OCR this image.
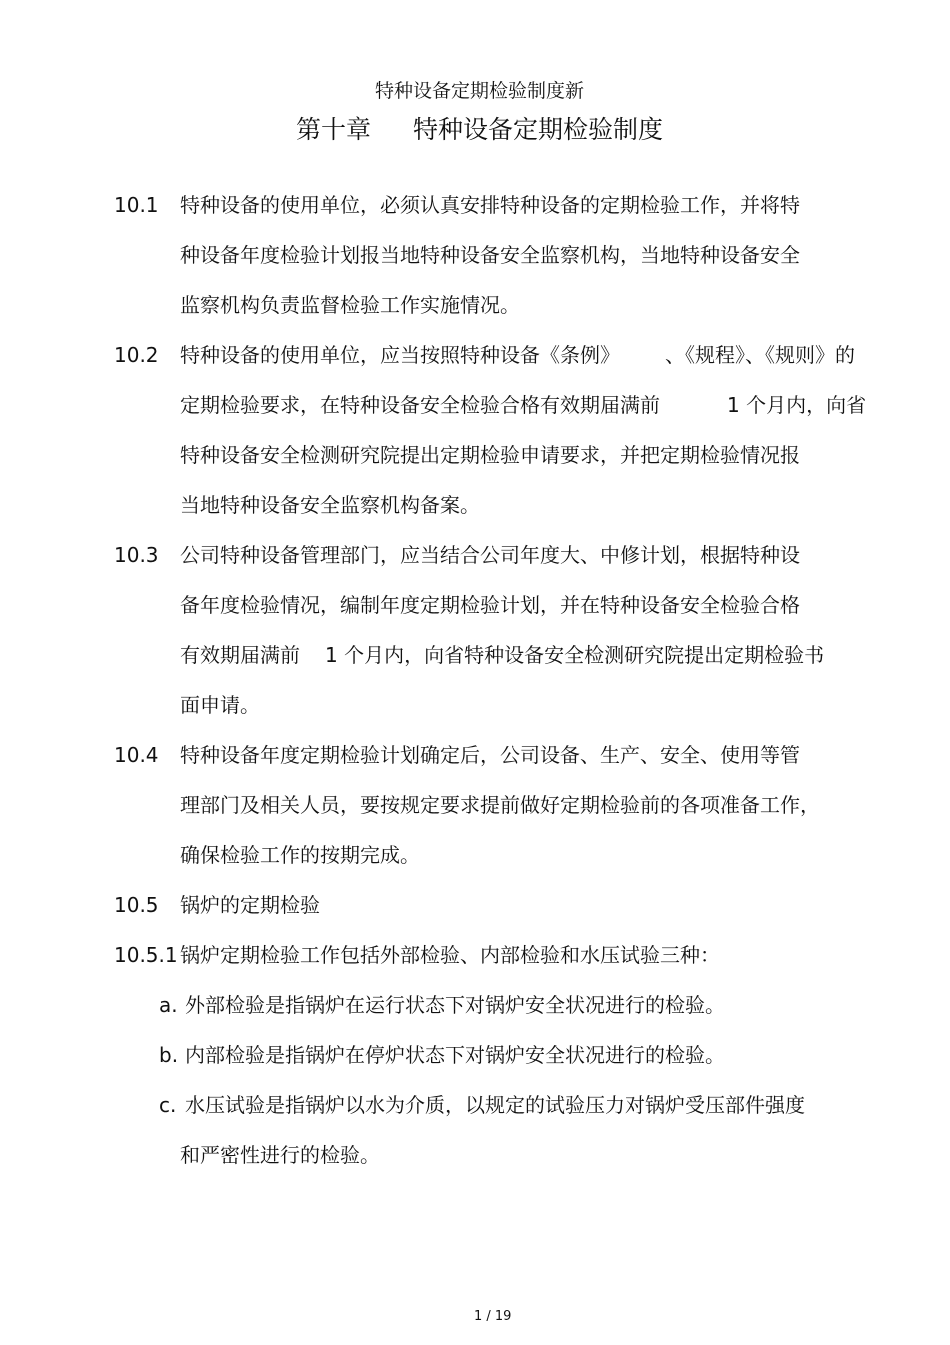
特种设备定期检验制度新
第十章 特种设备定期检验制度
10.1 特种设备的使用单位，必须认真安排特种设备的定期检验工作，并将特
种设备年度检验计划报当地特种设备安全监察机构，当地特种设备安全
监察机构负责监督检验工作实施情况。
10.2 特种设备的使用单位，应当按照特种设备《条例》 、《规程》、《规则》的
定期检验要求，在特种设备安全检验合格有效期届满前	1 个月内，向省
特种设备安全检测研究院提出定期检验申请要求，并把定期检验情况报
当地特种设备安全监察机构备案。
10.3 公司特种设备管理部门，应当结合公司年度大、中修计划，根据特种设
备年度检验情况，编制年度定期检验计划，并在特种设备安全检验合格
有效期届满前 1 个月内，向省特种设备安全检测研究院提出定期检验书
面申请。
10.4 特种设备年度定期检验计划确定后，公司设备、生产、安全、使用等管
理部门及相关人员，要按规定要求提前做好定期检验前的各项准备工作，
确保检验工作的按期完成。
10.5 锅炉的定期检验
10.5.1 锅炉定期检验工作包括外部检验、内部检验和水压试验三种：
a. 外部检验是指锅炉在运行状态下对锅炉安全状况进行的检验。
b. 内部检验是指锅炉在停炉状态下对锅炉安全状况进行的检验。
c. 水压试验是指锅炉以水为介质，以规定的试验压力对锅炉受压部件强度
和严密性进行的检验。
1 / 19
